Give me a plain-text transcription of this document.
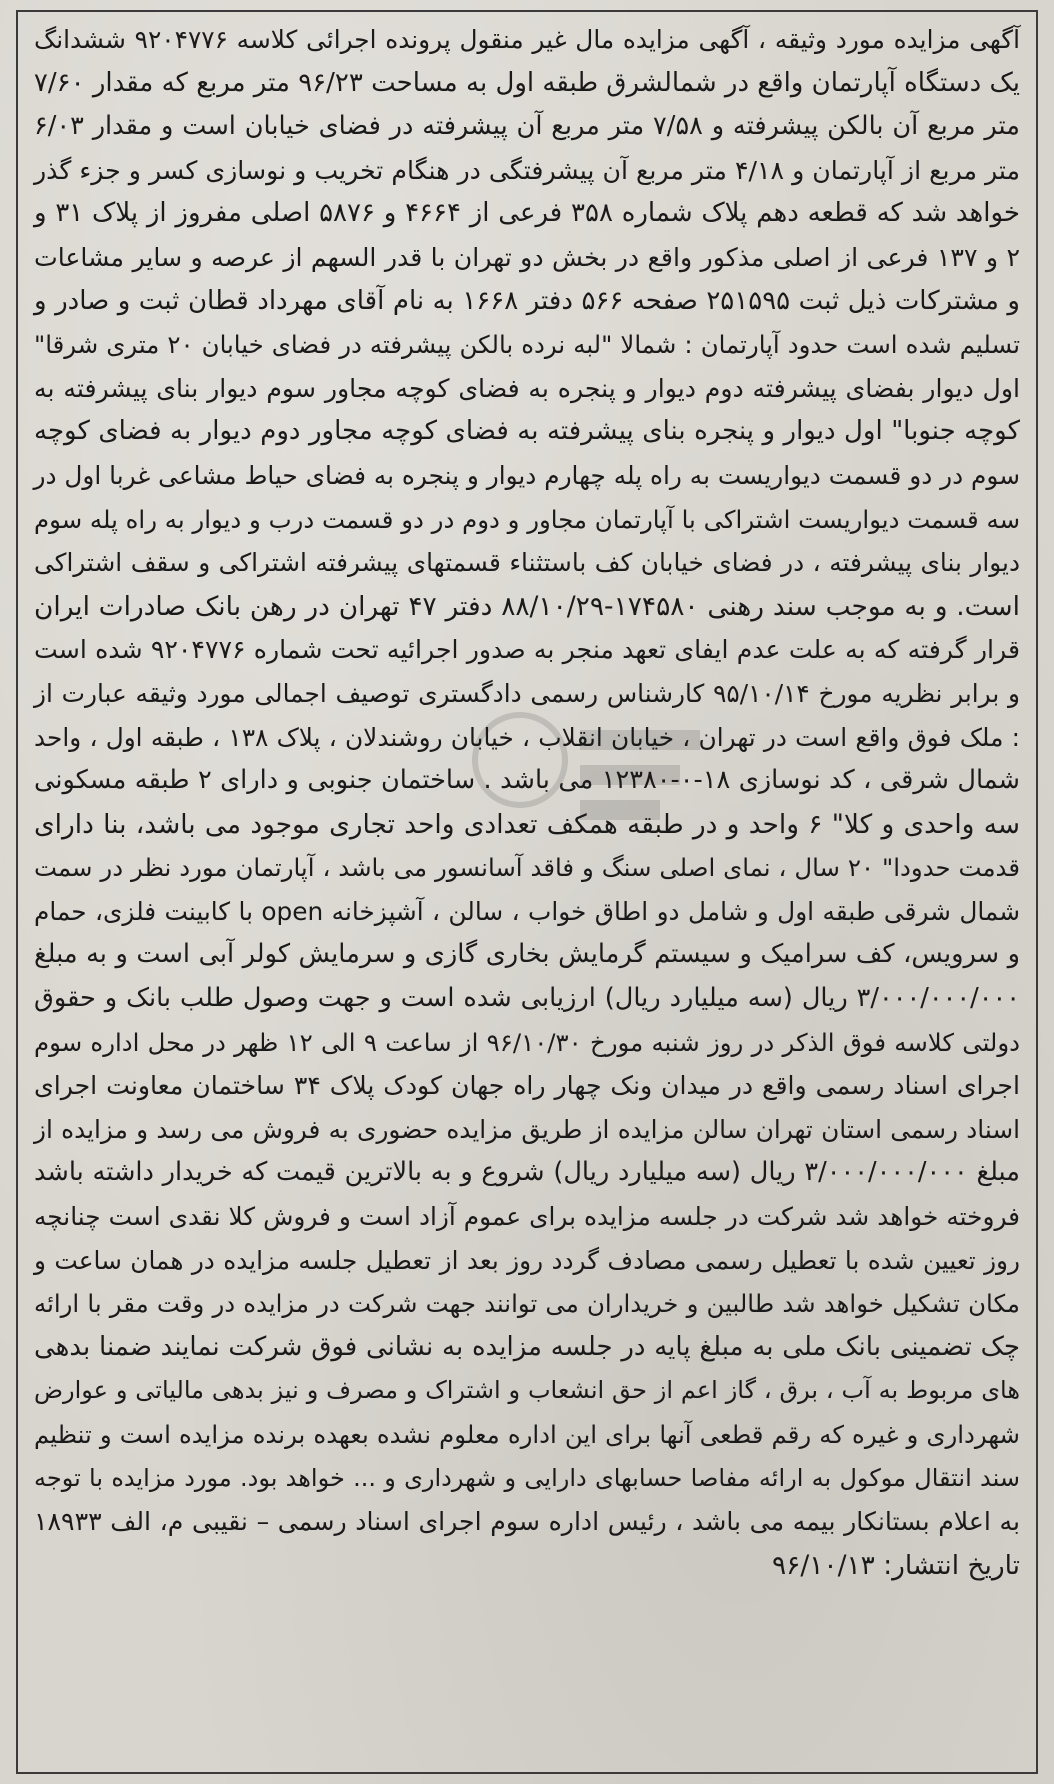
آگهی مزایده مورد وثیقه ، آگهی مزایده مال غیر منقول پرونده اجرائی کلاسه ۹۲۰۴۷۷۶ ششدانگ
یک دستگاه آپارتمان واقع در شمالشرق طبقه اول به مساحت ۹۶/۲۳ متر مربع که مقدار ۷/۶۰
متر مربع آن بالکن پیشرفته و ۷/۵۸ متر مربع آن پیشرفته در فضای خیابان است و مقدار ۶/۰۳
متر مربع از آپارتمان و ۴/۱۸ متر مربع آن پیشرفتگی در هنگام تخریب و نوسازی کسر و جزء گذر
خواهد شد که قطعه دهم پلاک شماره ۳۵۸ فرعی از ۴۶۶۴ و ۵۸۷۶ اصلی مفروز از پلاک ۳۱ و
۲ و ۱۳۷ فرعی از اصلی مذکور واقع در بخش دو تهران با قدر السهم از عرصه و سایر مشاعات
و مشترکات ذیل ثبت ۲۵۱۵۹۵ صفحه ۵۶۶ دفتر ۱۶۶۸ به نام آقای مهرداد قطان ثبت و صادر و
تسلیم شده است حدود آپارتمان : شمالا "لبه نرده بالکن پیشرفته در فضای خیابان ۲۰ متری شرقا"
اول دیوار بفضای پیشرفته دوم دیوار و پنجره به فضای کوچه مجاور سوم دیوار بنای پیشرفته به
کوچه جنوبا" اول دیوار و پنجره بنای پیشرفته به فضای کوچه مجاور دوم دیوار به فضای کوچه
سوم در دو قسمت دیواریست به راه پله چهارم دیوار و پنجره به فضای حیاط مشاعی غربا اول در
سه قسمت دیواریست اشتراکی با آپارتمان مجاور و دوم در دو قسمت درب و دیوار به راه پله سوم
دیوار بنای پیشرفته ، در فضای خیابان کف باستثناء قسمتهای پیشرفته اشتراکی و سقف اشتراکی
است. و به موجب سند رهنی ۱۷۴۵۸۰-۸۸/۱۰/۲۹ دفتر ۴۷ تهران در رهن بانک صادرات ایران
قرار گرفته که به علت عدم ایفای تعهد منجر به صدور اجرائیه تحت شماره ۹۲۰۴۷۷۶ شده است
و برابر نظریه مورخ ۹۵/۱۰/۱۴ کارشناس رسمی دادگستری توصیف اجمالی مورد وثیقه عبارت از
: ملک فوق واقع است در تهران ، خیابان انقلاب ، خیابان روشندلان ، پلاک ۱۳۸ ، طبقه اول ، واحد
شمال شرقی ، کد نوسازی ۱۸-۰-۱۲۳۸۰ می باشد . ساختمان جنوبی و دارای ۲ طبقه مسکونی
سه واحدی و کلا" ۶ واحد و در طبقه همکف تعدادی واحد تجاری موجود می باشد، بنا دارای
قدمت حدودا" ۲۰ سال ، نمای اصلی سنگ و فاقد آسانسور می باشد ، آپارتمان مورد نظر در سمت
شمال شرقی طبقه اول و شامل دو اطاق خواب ، سالن ، آشپزخانه open با کابینت فلزی، حمام
و سرویس، کف سرامیک و سیستم گرمایش بخاری گازی و سرمایش کولر آبی است و به مبلغ
۳/۰۰۰/۰۰۰/۰۰۰ ریال (سه میلیارد ریال) ارزیابی شده است و جهت وصول طلب بانک و حقوق
دولتی کلاسه فوق الذکر در روز شنبه مورخ ۹۶/۱۰/۳۰ از ساعت ۹ الی ۱۲ ظهر در محل اداره سوم
اجرای اسناد رسمی واقع در میدان ونک چهار راه جهان کودک پلاک ۳۴ ساختمان معاونت اجرای
اسناد رسمی استان تهران سالن مزایده از طریق مزایده حضوری به فروش می رسد و مزایده از
مبلغ ۳/۰۰۰/۰۰۰/۰۰۰ ریال (سه میلیارد ریال) شروع و به بالاترین قیمت که خریدار داشته باشد
فروخته خواهد شد شرکت در جلسه مزایده برای عموم آزاد است و فروش کلا نقدی است چنانچه
روز تعیین شده با تعطیل رسمی مصادف گردد روز بعد از تعطیل جلسه مزایده در همان ساعت و
مکان تشکیل خواهد شد طالبین و خریداران می توانند جهت شرکت در مزایده در وقت مقر با ارائه
چک تضمینی بانک ملی به مبلغ پایه در جلسه مزایده به نشانی فوق شرکت نمایند ضمنا بدهی
های مربوط به آب ، برق ، گاز اعم از حق انشعاب و اشتراک و مصرف و نیز بدهی مالیاتی و عوارض
شهرداری و غیره که رقم قطعی آنها برای این اداره معلوم نشده بعهده برنده مزایده است و تنظیم
سند انتقال موکول به ارائه مفاصا حسابهای دارایی و شهرداری و ... خواهد بود. مورد مزایده با توجه
به اعلام بستانکار بیمه می باشد ، رئیس اداره سوم اجرای اسناد رسمی – نقیبی م، الف ۱۸۹۳۳
تاریخ انتشار: ۹۶/۱۰/۱۳
